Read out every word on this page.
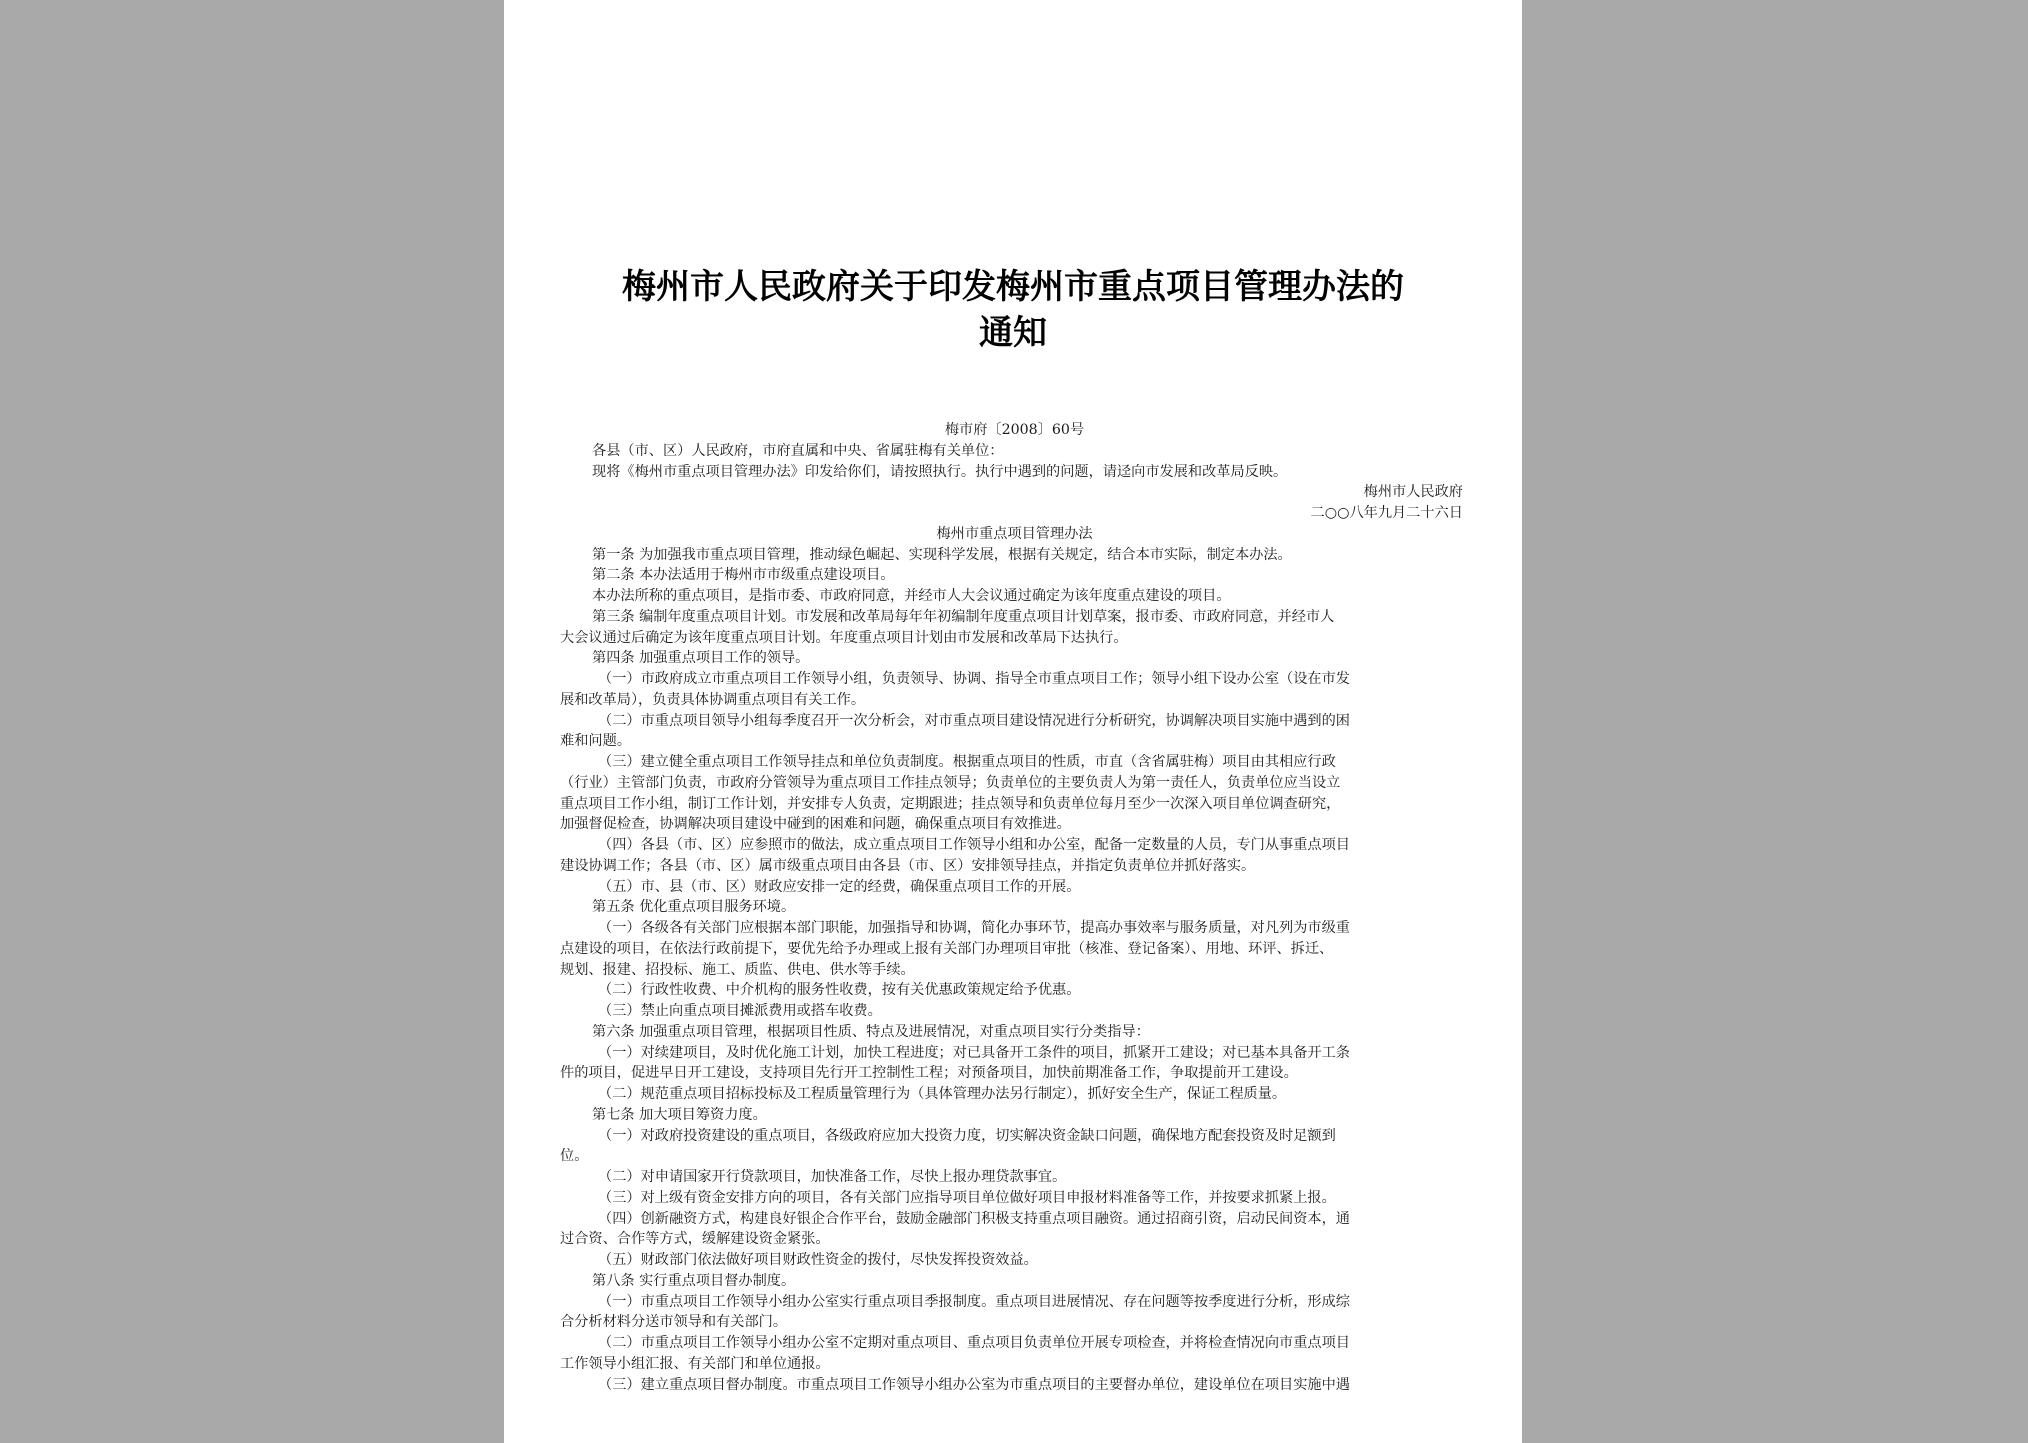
梅州市人民政府关于印发梅州市重点项目管理办法的
通知
梅市府〔2008〕60号
各县（市、区）人民政府，市府直属和中央、省属驻梅有关单位：
现将《梅州市重点项目管理办法》印发给你们，请按照执行。执行中遇到的问题，请迳向市发展和改革局反映。
梅州市人民政府
二○○八年九月二十六日
梅州市重点项目管理办法
第一条 为加强我市重点项目管理，推动绿色崛起、实现科学发展，根据有关规定，结合本市实际，制定本办法。
第二条 本办法适用于梅州市市级重点建设项目。
本办法所称的重点项目，是指市委、市政府同意，并经市人大会议通过确定为该年度重点建设的项目。
第三条 编制年度重点项目计划。市发展和改革局每年年初编制年度重点项目计划草案，报市委、市政府同意，并经市人
大会议通过后确定为该年度重点项目计划。年度重点项目计划由市发展和改革局下达执行。
第四条 加强重点项目工作的领导。
（一）市政府成立市重点项目工作领导小组，负责领导、协调、指导全市重点项目工作；领导小组下设办公室（设在市发
展和改革局），负责具体协调重点项目有关工作。
（二）市重点项目领导小组每季度召开一次分析会，对市重点项目建设情况进行分析研究，协调解决项目实施中遇到的困
难和问题。
（三）建立健全重点项目工作领导挂点和单位负责制度。根据重点项目的性质，市直（含省属驻梅）项目由其相应行政
（行业）主管部门负责，市政府分管领导为重点项目工作挂点领导；负责单位的主要负责人为第一责任人，负责单位应当设立
重点项目工作小组，制订工作计划，并安排专人负责，定期跟进；挂点领导和负责单位每月至少一次深入项目单位调查研究，
加强督促检查，协调解决项目建设中碰到的困难和问题，确保重点项目有效推进。
（四）各县（市、区）应参照市的做法，成立重点项目工作领导小组和办公室，配备一定数量的人员，专门从事重点项目
建设协调工作；各县（市、区）属市级重点项目由各县（市、区）安排领导挂点，并指定负责单位并抓好落实。
（五）市、县（市、区）财政应安排一定的经费，确保重点项目工作的开展。
第五条 优化重点项目服务环境。
（一）各级各有关部门应根据本部门职能，加强指导和协调，简化办事环节，提高办事效率与服务质量，对凡列为市级重
点建设的项目，在依法行政前提下，要优先给予办理或上报有关部门办理项目审批（核准、登记备案）、用地、环评、拆迁、
规划、报建、招投标、施工、质监、供电、供水等手续。
（二）行政性收费、中介机构的服务性收费，按有关优惠政策规定给予优惠。
（三）禁止向重点项目摊派费用或搭车收费。
第六条 加强重点项目管理，根据项目性质、特点及进展情况，对重点项目实行分类指导：
（一）对续建项目，及时优化施工计划，加快工程进度；对已具备开工条件的项目，抓紧开工建设；对已基本具备开工条
件的项目，促进早日开工建设，支持项目先行开工控制性工程；对预备项目，加快前期准备工作，争取提前开工建设。
（二）规范重点项目招标投标及工程质量管理行为（具体管理办法另行制定），抓好安全生产，保证工程质量。
第七条 加大项目筹资力度。
（一）对政府投资建设的重点项目，各级政府应加大投资力度，切实解决资金缺口问题，确保地方配套投资及时足额到
位。
（二）对申请国家开行贷款项目，加快准备工作，尽快上报办理贷款事宜。
（三）对上级有资金安排方向的项目，各有关部门应指导项目单位做好项目申报材料准备等工作，并按要求抓紧上报。
（四）创新融资方式，构建良好银企合作平台，鼓励金融部门积极支持重点项目融资。通过招商引资，启动民间资本，通
过合资、合作等方式，缓解建设资金紧张。
（五）财政部门依法做好项目财政性资金的拨付，尽快发挥投资效益。
第八条 实行重点项目督办制度。
（一）市重点项目工作领导小组办公室实行重点项目季报制度。重点项目进展情况、存在问题等按季度进行分析，形成综
合分析材料分送市领导和有关部门。
（二）市重点项目工作领导小组办公室不定期对重点项目、重点项目负责单位开展专项检查，并将检查情况向市重点项目
工作领导小组汇报、有关部门和单位通报。
（三）建立重点项目督办制度。市重点项目工作领导小组办公室为市重点项目的主要督办单位，建设单位在项目实施中遇
